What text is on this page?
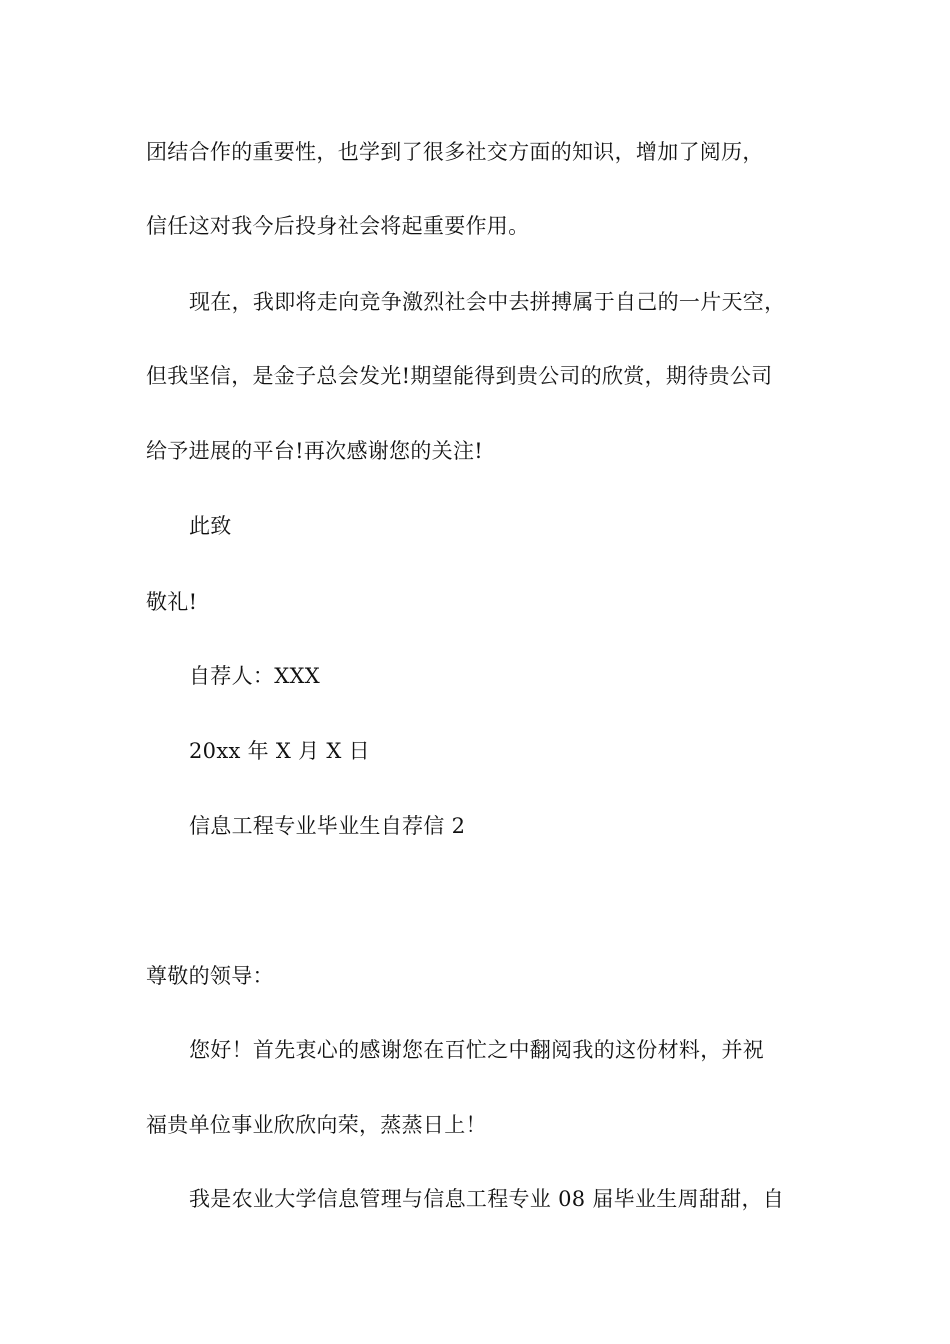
团结合作的重要性，也学到了很多社交方面的知识，增加了阅历，
信任这对我今后投身社会将起重要作用。
现在，我即将走向竞争激烈社会中去拼搏属于自己的一片天空，
但我坚信，是金子总会发光!期望能得到贵公司的欣赏，期待贵公司
给予进展的平台!再次感谢您的关注!
此致
敬礼!
自荐人：XXX
20xx 年 X 月 X 日
信息工程专业毕业生自荐信 2
尊敬的领导：
您好！首先衷心的感谢您在百忙之中翻阅我的这份材料，并祝
福贵单位事业欣欣向荣，蒸蒸日上！
我是农业大学信息管理与信息工程专业 08 届毕业生周甜甜，自
